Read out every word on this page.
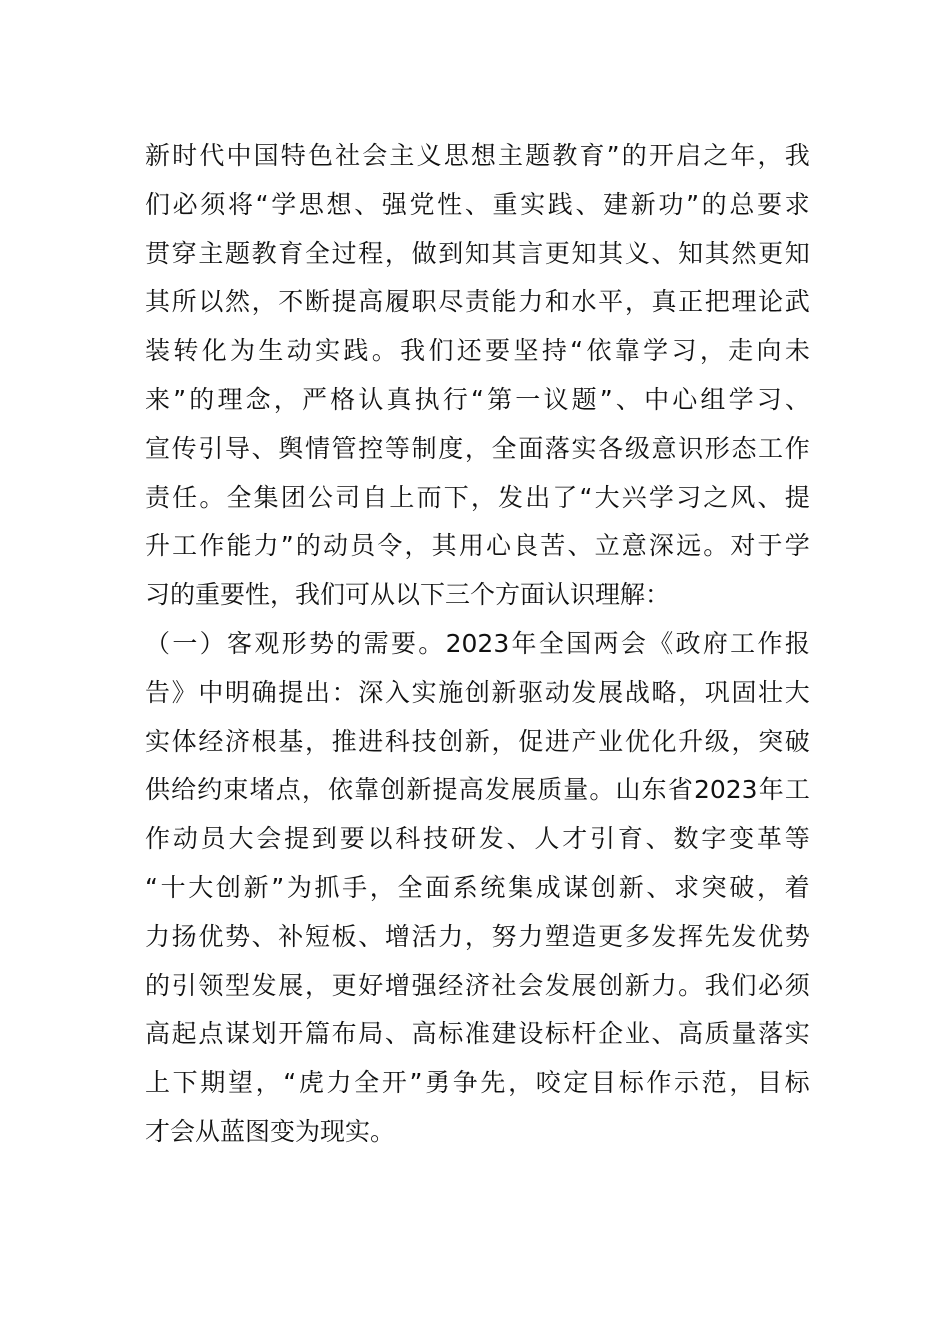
新 时 代 中 国 特 色 社 会 主 义 思 想 主 题 教 育 ” 的 开 启 之 年 ， 我
们 必 须 将 “ 学 思 想 、 强 党 性 、 重 实 践 、 建 新 功 ” 的 总 要 求
贯 穿 主 题 教 育 全 过 程 ， 做 到 知 其 言 更 知 其 义 、 知 其 然 更 知
其 所 以 然 ， 不 断 提 高 履 职 尽 责 能 力 和 水 平 ， 真 正 把 理 论 武
装 转 化 为 生 动 实 践 。 我 们 还 要 坚 持 “ 依 靠 学 习 ， 走 向 未
来 ” 的 理 念 ， 严 格 认 真 执 行 “ 第 一 议 题 ” 、 中 心 组 学 习 、
宣 传 引 导 、 舆 情 管 控 等 制 度 ， 全 面 落 实 各 级 意 识 形 态 工 作
责 任 。 全 集 团 公 司 自 上 而 下 ， 发 出 了 “ 大 兴 学 习 之 风 、 提
升 工 作 能 力 ” 的 动 员 令 ， 其 用 心 良 苦 、 立 意 深 远 。 对 于 学
习的重要性，我们可从以下三个方面认识理解：
（ 一 ） 客 观 形 势 的 需 要 。 2023 年 全 国 两 会 《 政 府 工 作 报
告 》 中 明 确 提 出 ： 深 入 实 施 创 新 驱 动 发 展 战 略 ， 巩 固 壮 大
实 体 经 济 根 基 ， 推 进 科 技 创 新 ， 促 进 产 业 优 化 升 级 ， 突 破
供 给 约 束 堵 点 ， 依 靠 创 新 提 高 发 展 质 量 。 山 东 省 2023 年 工
作 动 员 大 会 提 到 要 以 科 技 研 发 、 人 才 引 育 、 数 字 变 革 等
“ 十 大 创 新 ” 为 抓 手 ， 全 面 系 统 集 成 谋 创 新 、 求 突 破 ， 着
力 扬 优 势 、 补 短 板 、 增 活 力 ， 努 力 塑 造 更 多 发 挥 先 发 优 势
的 引 领 型 发 展 ， 更 好 增 强 经 济 社 会 发 展 创 新 力 。 我 们 必 须
高 起 点 谋 划 开 篇 布 局 、 高 标 准 建 设 标 杆 企 业 、 高 质 量 落 实
上 下 期 望 ， “ 虎 力 全 开 ” 勇 争 先 ， 咬 定 目 标 作 示 范 ， 目 标
才会从蓝图变为现实。
